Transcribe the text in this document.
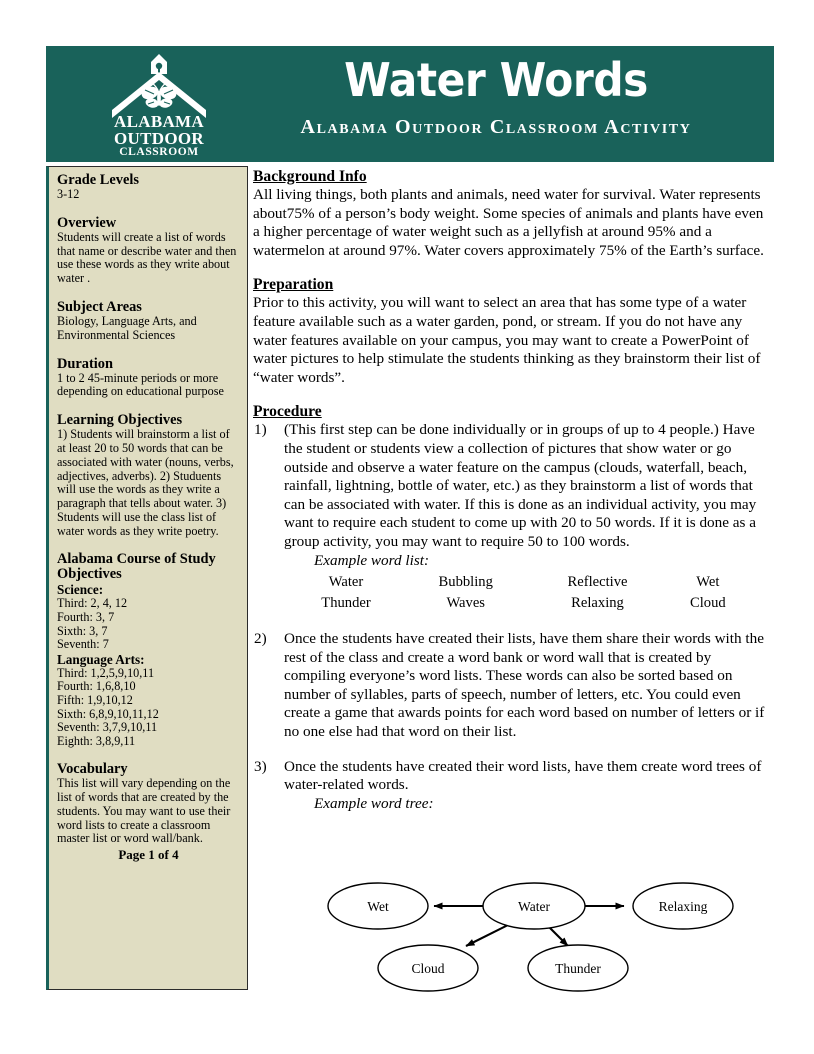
ALABAMA
OUTDOOR
CLASSROOM
Water Words
Alabama Outdoor Classroom Activity
Grade Levels
3-12
Overview
Students will create a list of words that name or describe water and then use these words as they write about water .
Subject Areas
Biology, Language Arts, and Environmental Sciences
Duration
1 to 2 45-minute periods or more depending on educational purpose
Learning Objectives
1) Students will brainstorm a list of at least 20 to 50 words that can be associated with water (nouns, verbs, adjectives, adverbs). 2) Studuents will use the words as they write a paragraph that tells about water. 3) Students will use the class list of water words as they write poetry.
Alabama Course of Study
Objectives
Science:
Third: 2, 4, 12
Fourth: 3, 7
Sixth: 3, 7
Seventh: 7
Language Arts:
Third: 1,2,5,9,10,11
Fourth: 1,6,8,10
Fifth: 1,9,10,12
Sixth: 6,8,9,10,11,12
Seventh: 3,7,9,10,11
Eighth: 3,8,9,11
Vocabulary
This list will vary depending on the list of words that are created by the students. You may want to use their word lists to create a classroom master list or word wall/bank.
Page 1 of 4
Background Info

All living things, both plants and animals, need water for survival. Water represents about75% of a person’s body weight. Some species of animals and plants have even a higher percentage of water weight such as a jellyfish at around 95% and a watermelon at around 97%. Water covers approximately 75% of the Earth’s surface.

Preparation

Prior to this activity, you will want to select an area that has some type of a water feature available such as a water garden, pond, or stream. If you do not have any water features available on your campus, you may want to create a PowerPoint of water pictures to help stimulate the students thinking as they brainstorm their list of “water words”.

Procedure
1)	(This first step can be done individually or in groups of up to 4 people.) Have the student or students view a collection of pictures that show water or go outside and observe a water feature on the campus (clouds, waterfall, beach, rainfall, lightning, bottle of water, etc.) as they brainstorm a list of words that can be associated with water. If this is done as an individual activity, you may want to require each student to come up with 20 to 50 words. If it is done as a group activity, you may want to require 50 to 100 words.
Example word list:
Water	Bubbling	Reflective	Wet
Thunder	Waves	Relaxing	Cloud
2)	Once the students have created their lists, have them share their words with the rest of the class and create a word bank or word wall that is created by compiling everyone’s word lists. These words can also be sorted based on number of syllables, parts of speech, number of letters, etc. You could even create a game that awards points for each word based on number of letters or if no one else had that word on their list.
3)	Once the students have created their word lists, have them create word trees of water-related words.
Example word tree:
Water
Wet	Relaxing
Cloud	Thunder
